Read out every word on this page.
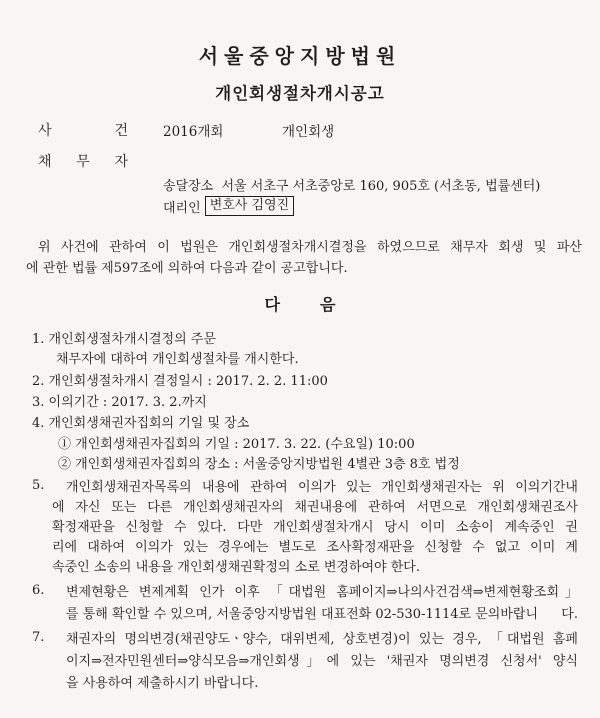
서울중앙지방법원
개인회생절차개시공고
사	건	2016개회	개인회생
채 무 자
송달장소  서울 서초구 서초중앙로 160, 905호 (서초동, 법률센터)
대리인 변호사 김영진
위 사건에 관하여 이 법원은 개인회생절차개시결정을 하였으므로 채무자 회생 및 파산
에 관한 법률 제597조에 의하여 다음과 같이 공고합니다.
다음
1. 개인회생절차개시결정의 주문
채무자에 대하여 개인회생절차를 개시한다.
2. 개인회생절차개시 결정일시 : 2017. 2. 2. 11:00
3. 이의기간 : 2017. 3. 2.까지
4. 개인회생채권자집회의 기일 및 장소
① 개인회생채권자집회의 기일 : 2017. 3. 22. (수요일) 10:00
② 개인회생채권자집회의 장소 : 서울중앙지방법원 4별관 3층 8호 법정
5. 개인회생채권자목록의 내용에 관하여 이의가 있는 개인회생채권자는 위 이의기간내
에 자신 또는 다른 개인회생채권자의 채권내용에 관하여 서면으로 개인회생채권조사
확정재판을 신청할 수 있다. 다만 개인회생절차개시 당시 이미 소송이 계속중인 권
리에 대하여 이의가 있는 경우에는 별도로 조사확정재판을 신청할 수 없고 이미 계
속중인 소송의 내용을 개인회생채권확정의 소로 변경하여야 한다.
6. 변제현황은 변제계획 인가 이후 「대법원 홈페이지⇒나의사건검색⇒변제현황조회」
를 통해 확인할 수 있으며, 서울중앙지방법원 대표전화 02-530-1114로 문의바랍니	다.
7. 채권자의 명의변경(채권양도ㆍ양수, 대위변제, 상호변경)이 있는 경우, 「대법원 홈페
이지⇒전자민원센터⇒양식모음⇒개인회생」에 있는 '채권자 명의변경 신청서' 양식
을 사용하여 제출하시기 바랍니다.
